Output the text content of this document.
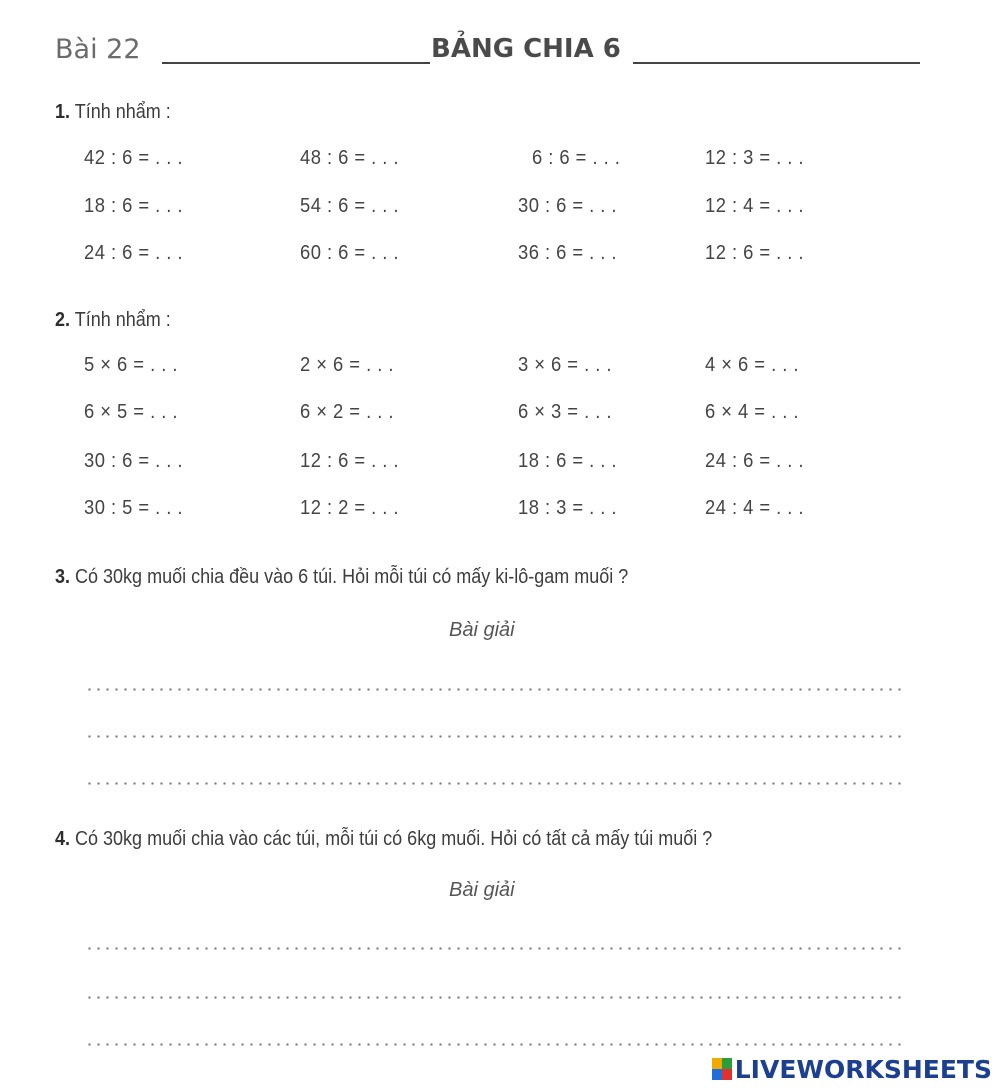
Bài 22	BẢNG CHIA 6
1. Tính nhẩm :
42 : 6 = . . .	48 : 6 = . . .	6 : 6 = . . .	12 : 3 = . . .
18 : 6 = . . .	54 : 6 = . . .	30 : 6 = . . .	12 : 4 = . . .
24 : 6 = . . .	60 : 6 = . . .	36 : 6 = . . .	12 : 6 = . . .
2. Tính nhẩm :
5 × 6 = . . .	2 × 6 = . . .	3 × 6 = . . .	4 × 6 = . . .
6 × 5 = . . .	6 × 2 = . . .	6 × 3 = . . .	6 × 4 = . . .
30 : 6 = . . .	12 : 6 = . . .	18 : 6 = . . .	24 : 6 = . . .
30 : 5 = . . .	12 : 2 = . . .	18 : 3 = . . .	24 : 4 = . . .
3. Có 30kg muối chia đều vào 6 túi. Hỏi mỗi túi có mấy ki-lô-gam muối ?
Bài giải
4. Có 30kg muối chia vào các túi, mỗi túi có 6kg muối. Hỏi có tất cả mấy túi muối ?
Bài giải
LIVEWORKSHEETS
